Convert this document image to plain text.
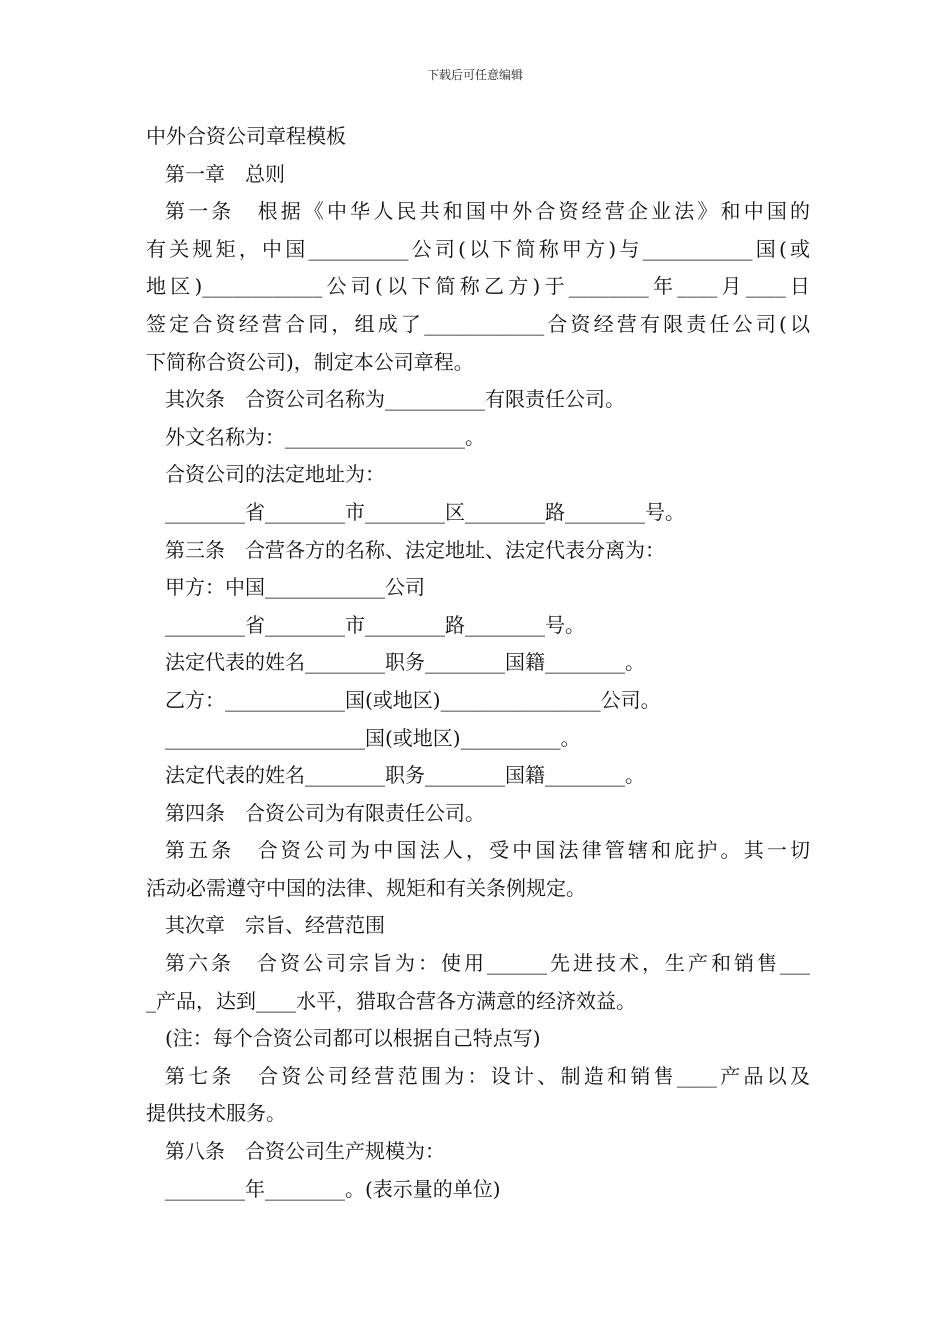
下载后可任意编辑
中外合资公司章程模板
第一章　总则
第一条　根据《中华人民共和国中外合资经营企业法》和中国的
有关规矩，中国__________公司(以下简称甲方)与___________国(或
地区)____________公司(以下简称乙方)于________年____月____日
签定合资经营合同，组成了____________合资经营有限责任公司(以
下简称合资公司)，制定本公司章程。
其次条　合资公司名称为__________有限责任公司。
外文名称为：__________________。
合资公司的法定地址为：
________省________市________区________路________号。
第三条　合营各方的名称、法定地址、法定代表分离为：
甲方：中国____________公司
________省________市________路________号。
法定代表的姓名________职务________国籍________。
乙方：____________国(或地区)________________公司。
____________________国(或地区)__________。
法定代表的姓名________职务________国籍________。
第四条　合资公司为有限责任公司。
第五条　合资公司为中国法人，受中国法律管辖和庇护。其一切
活动必需遵守中国的法律、规矩和有关条例规定。
其次章　宗旨、经营范围
第六条　合资公司宗旨为：使用______先进技术，生产和销售___
_产品，达到____水平，猎取合营各方满意的经济效益。
(注：每个合资公司都可以根据自己特点写)
第七条　合资公司经营范围为：设计、制造和销售____产品以及
提供技术服务。
第八条　合资公司生产规模为：
________年________。(表示量的单位)
